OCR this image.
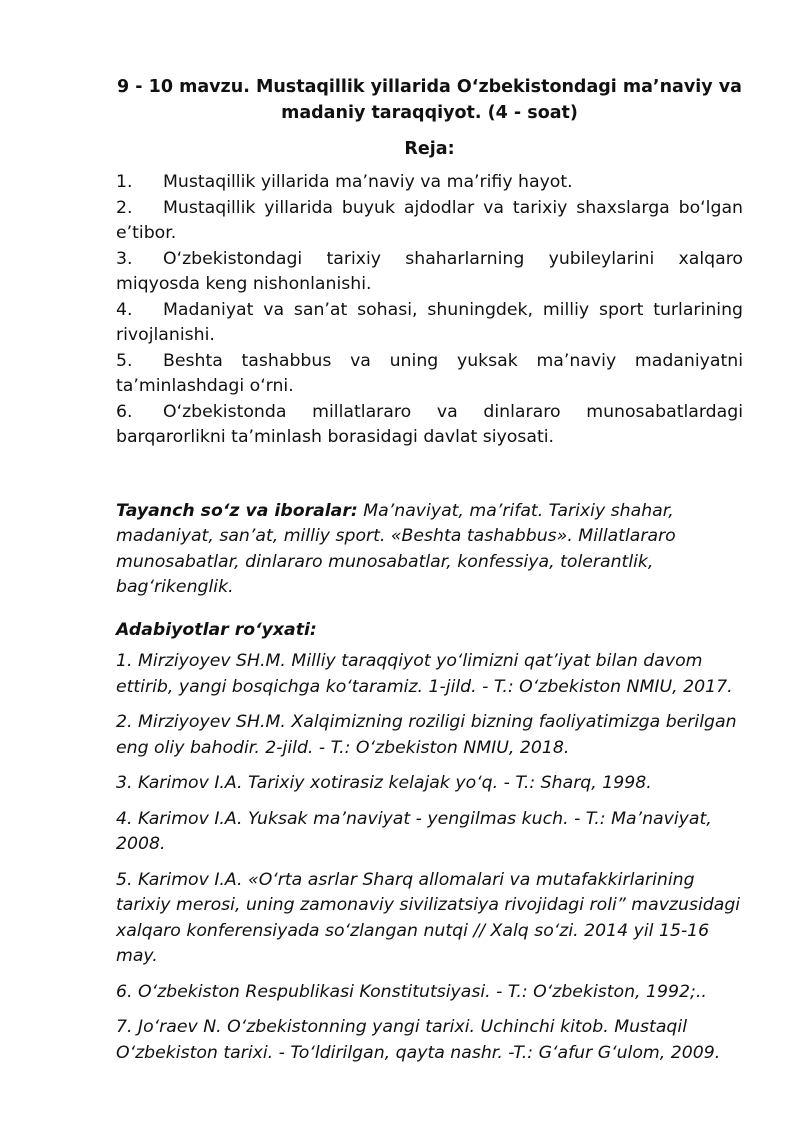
9 - 10 mavzu. Mustaqillik yillarida O‘zbekistondagi ma’naviy va
madaniy taraqqiyot. (4 - soat)
Reja:
1. Mustaqillik yillarida ma’naviy va ma’rifiy hayot.
2. Mustaqillik yillarida buyuk ajdodlar va tarixiy shaxslarga bo‘lgan e’tibor.
3. O‘zbekistondagi tarixiy shaharlarning yubileylarini xalqaro miqyosda keng nishonlanishi.
4. Madaniyat va san’at sohasi, shuningdek, milliy sport turlarining rivojlanishi.
5. Beshta tashabbus va uning yuksak ma’naviy madaniyatni ta’minlashdagi o‘rni.
6. O‘zbekistonda millatlararo va dinlararo munosabatlardagi barqarorlikni ta’minlash borasidagi davlat siyosati.

Tayanch so‘z va iboralar: Ma’naviyat, ma’rifat. Tarixiy shahar, madaniyat, san’at, milliy sport. «Beshta tashabbus». Millatlararo munosabatlar, dinlararo munosabatlar, konfessiya, tolerantlik, bag‘rikenglik.

Adabiyotlar ro‘yxati:
1. Mirziyoyev SH.M. Milliy taraqqiyot yo‘limizni qat’iyat bilan davom ettirib, yangi bosqichga ko‘taramiz. 1-jild. - T.: O‘zbekiston NMIU, 2017.
2. Mirziyoyev SH.M. Xalqimizning roziligi bizning faoliyatimizga berilgan eng oliy bahodir. 2-jild. - T.: O‘zbekiston NMIU, 2018.
3. Karimov I.A. Tarixiy xotirasiz kelajak yo‘q. - T.: Sharq, 1998.
4. Karimov I.A. Yuksak ma’naviyat - yengilmas kuch. - T.: Ma’naviyat, 2008.
5. Karimov I.A. «O‘rta asrlar Sharq allomalari va mutafakkirlarining tarixiy merosi, uning zamonaviy sivilizatsiya rivojidagi roli” mavzusidagi xalqaro konferensiyada so‘zlangan nutqi // Xalq so‘zi. 2014 yil 15-16 may.
6. O‘zbekiston Respublikasi Konstitutsiyasi. - T.: O‘zbekiston, 1992;..
7. Jo‘raev N. O‘zbekistonning yangi tarixi. Uchinchi kitob. Mustaqil O‘zbekiston tarixi. - To‘ldirilgan, qayta nashr. -T.: G‘afur G‘ulom, 2009.
